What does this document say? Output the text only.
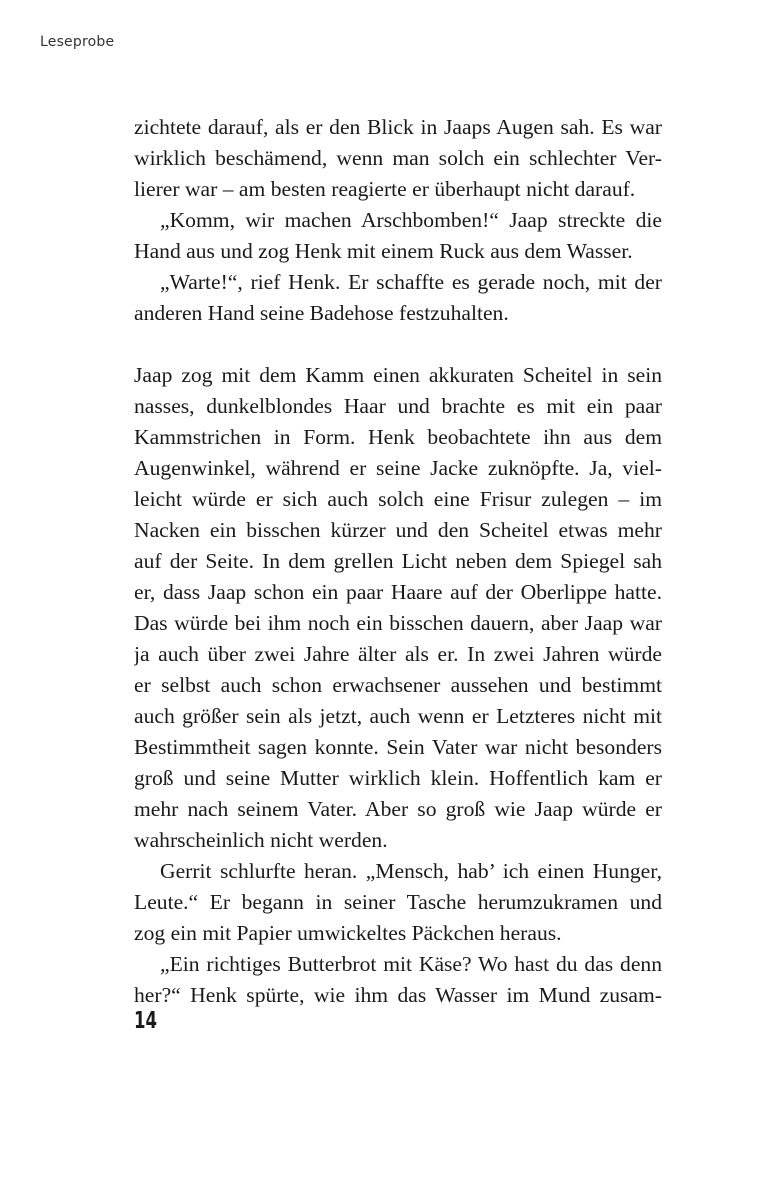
Leseprobe
zichtete darauf, als er den Blick in Jaaps Augen sah. Es war
wirklich beschämend, wenn man solch ein schlechter Ver-
lierer war – am besten reagierte er überhaupt nicht darauf.
„Komm, wir machen Arschbomben!“ Jaap streckte die
Hand aus und zog Henk mit einem Ruck aus dem Wasser.
„Warte!“, rief Henk. Er schaffte es gerade noch, mit der
anderen Hand seine Badehose festzuhalten.
Jaap zog mit dem Kamm einen akkuraten Scheitel in sein
nasses, dunkelblondes Haar und brachte es mit ein paar
Kammstrichen in Form. Henk beobachtete ihn aus dem
Augenwinkel, während er seine Jacke zuknöpfte. Ja, viel-
leicht würde er sich auch solch eine Frisur zulegen – im
Nacken ein bisschen kürzer und den Scheitel etwas mehr
auf der Seite. In dem grellen Licht neben dem Spiegel sah
er, dass Jaap schon ein paar Haare auf der Oberlippe hatte.
Das würde bei ihm noch ein bisschen dauern, aber Jaap war
ja auch über zwei Jahre älter als er. In zwei Jahren würde
er selbst auch schon erwachsener aussehen und bestimmt
auch größer sein als jetzt, auch wenn er Letzteres nicht mit
Bestimmtheit sagen konnte. Sein Vater war nicht besonders
groß und seine Mutter wirklich klein. Hoffentlich kam er
mehr nach seinem Vater. Aber so groß wie Jaap würde er
wahrscheinlich nicht werden.
Gerrit schlurfte heran. „Mensch, hab’ ich einen Hunger,
Leute.“ Er begann in seiner Tasche herumzukramen und
zog ein mit Papier umwickeltes Päckchen heraus.
„Ein richtiges Butterbrot mit Käse? Wo hast du das denn
her?“ Henk spürte, wie ihm das Wasser im Mund zusam-
14
